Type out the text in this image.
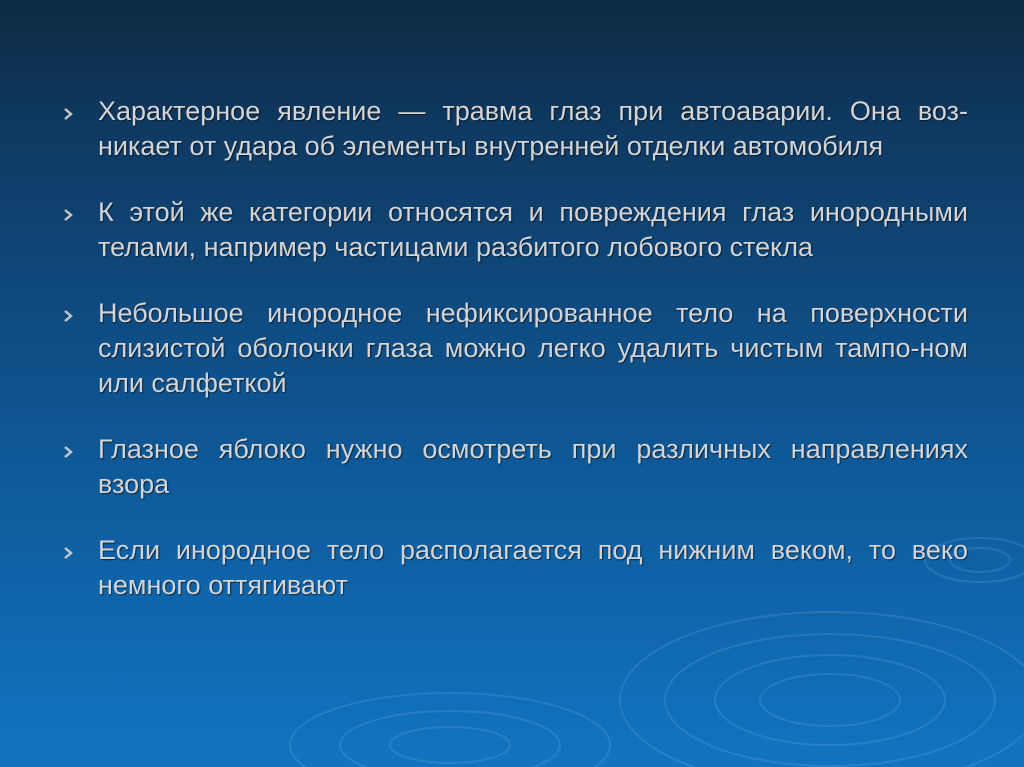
Характерное явление — травма глаз при автоаварии. Она воз-никает от удара об элементы внутренней отделки автомобиля
К этой же категории относятся и повреждения глаз инородными телами, например частицами разбитого лобового стекла
Небольшое инородное нефиксированное тело на поверхности слизистой оболочки глаза можно легко удалить чистым тампо-ном или салфеткой
Глазное яблоко нужно осмотреть при различных направлениях взора
Если инородное тело располагается под нижним веком, то веко немного оттягивают
